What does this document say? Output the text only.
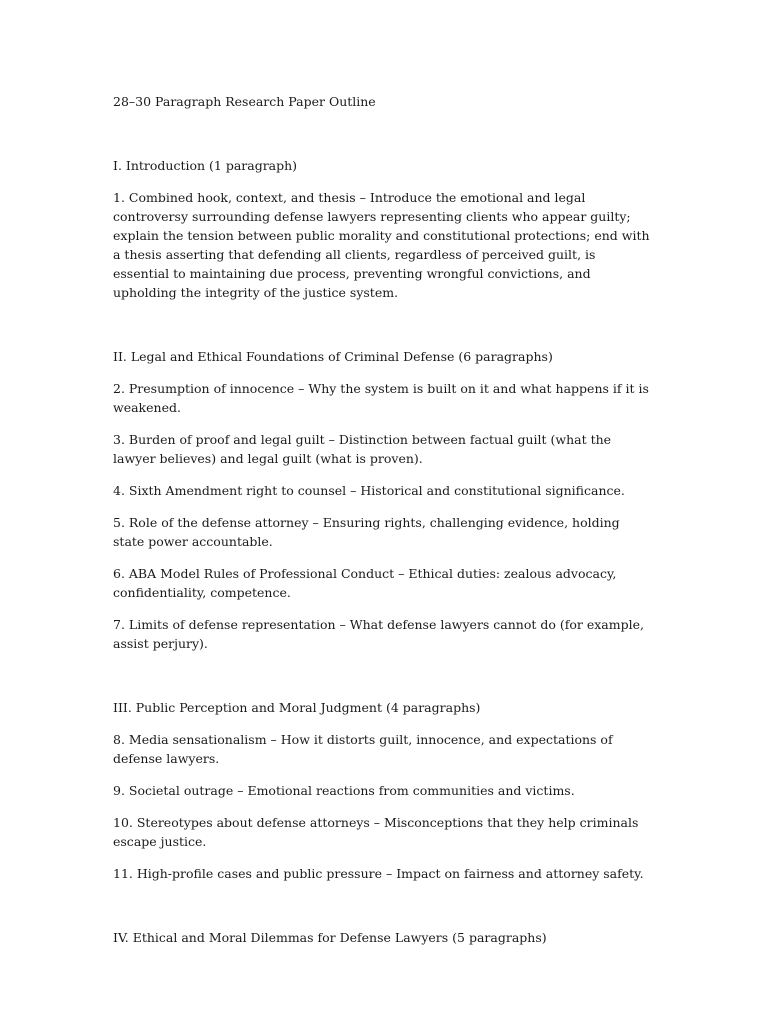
28–30 Paragraph Research Paper Outline

I. Introduction (1 paragraph)

1. Combined hook, context, and thesis – Introduce the emotional and legal controversy surrounding defense lawyers representing clients who appear guilty; explain the tension between public morality and constitutional protections; end with a thesis asserting that defending all clients, regardless of perceived guilt, is essential to maintaining due process, preventing wrongful convictions, and upholding the integrity of the justice system.

II. Legal and Ethical Foundations of Criminal Defense (6 paragraphs)

2. Presumption of innocence – Why the system is built on it and what happens if it is weakened.

3. Burden of proof and legal guilt – Distinction between factual guilt (what the lawyer believes) and legal guilt (what is proven).

4. Sixth Amendment right to counsel – Historical and constitutional significance.

5. Role of the defense attorney – Ensuring rights, challenging evidence, holding state power accountable.

6. ABA Model Rules of Professional Conduct – Ethical duties: zealous advocacy, confidentiality, competence.

7. Limits of defense representation – What defense lawyers cannot do (for example, assist perjury).

III. Public Perception and Moral Judgment (4 paragraphs)

8. Media sensationalism – How it distorts guilt, innocence, and expectations of defense lawyers.

9. Societal outrage – Emotional reactions from communities and victims.

10. Stereotypes about defense attorneys – Misconceptions that they help criminals escape justice.

11. High-profile cases and public pressure – Impact on fairness and attorney safety.

IV. Ethical and Moral Dilemmas for Defense Lawyers (5 paragraphs)
